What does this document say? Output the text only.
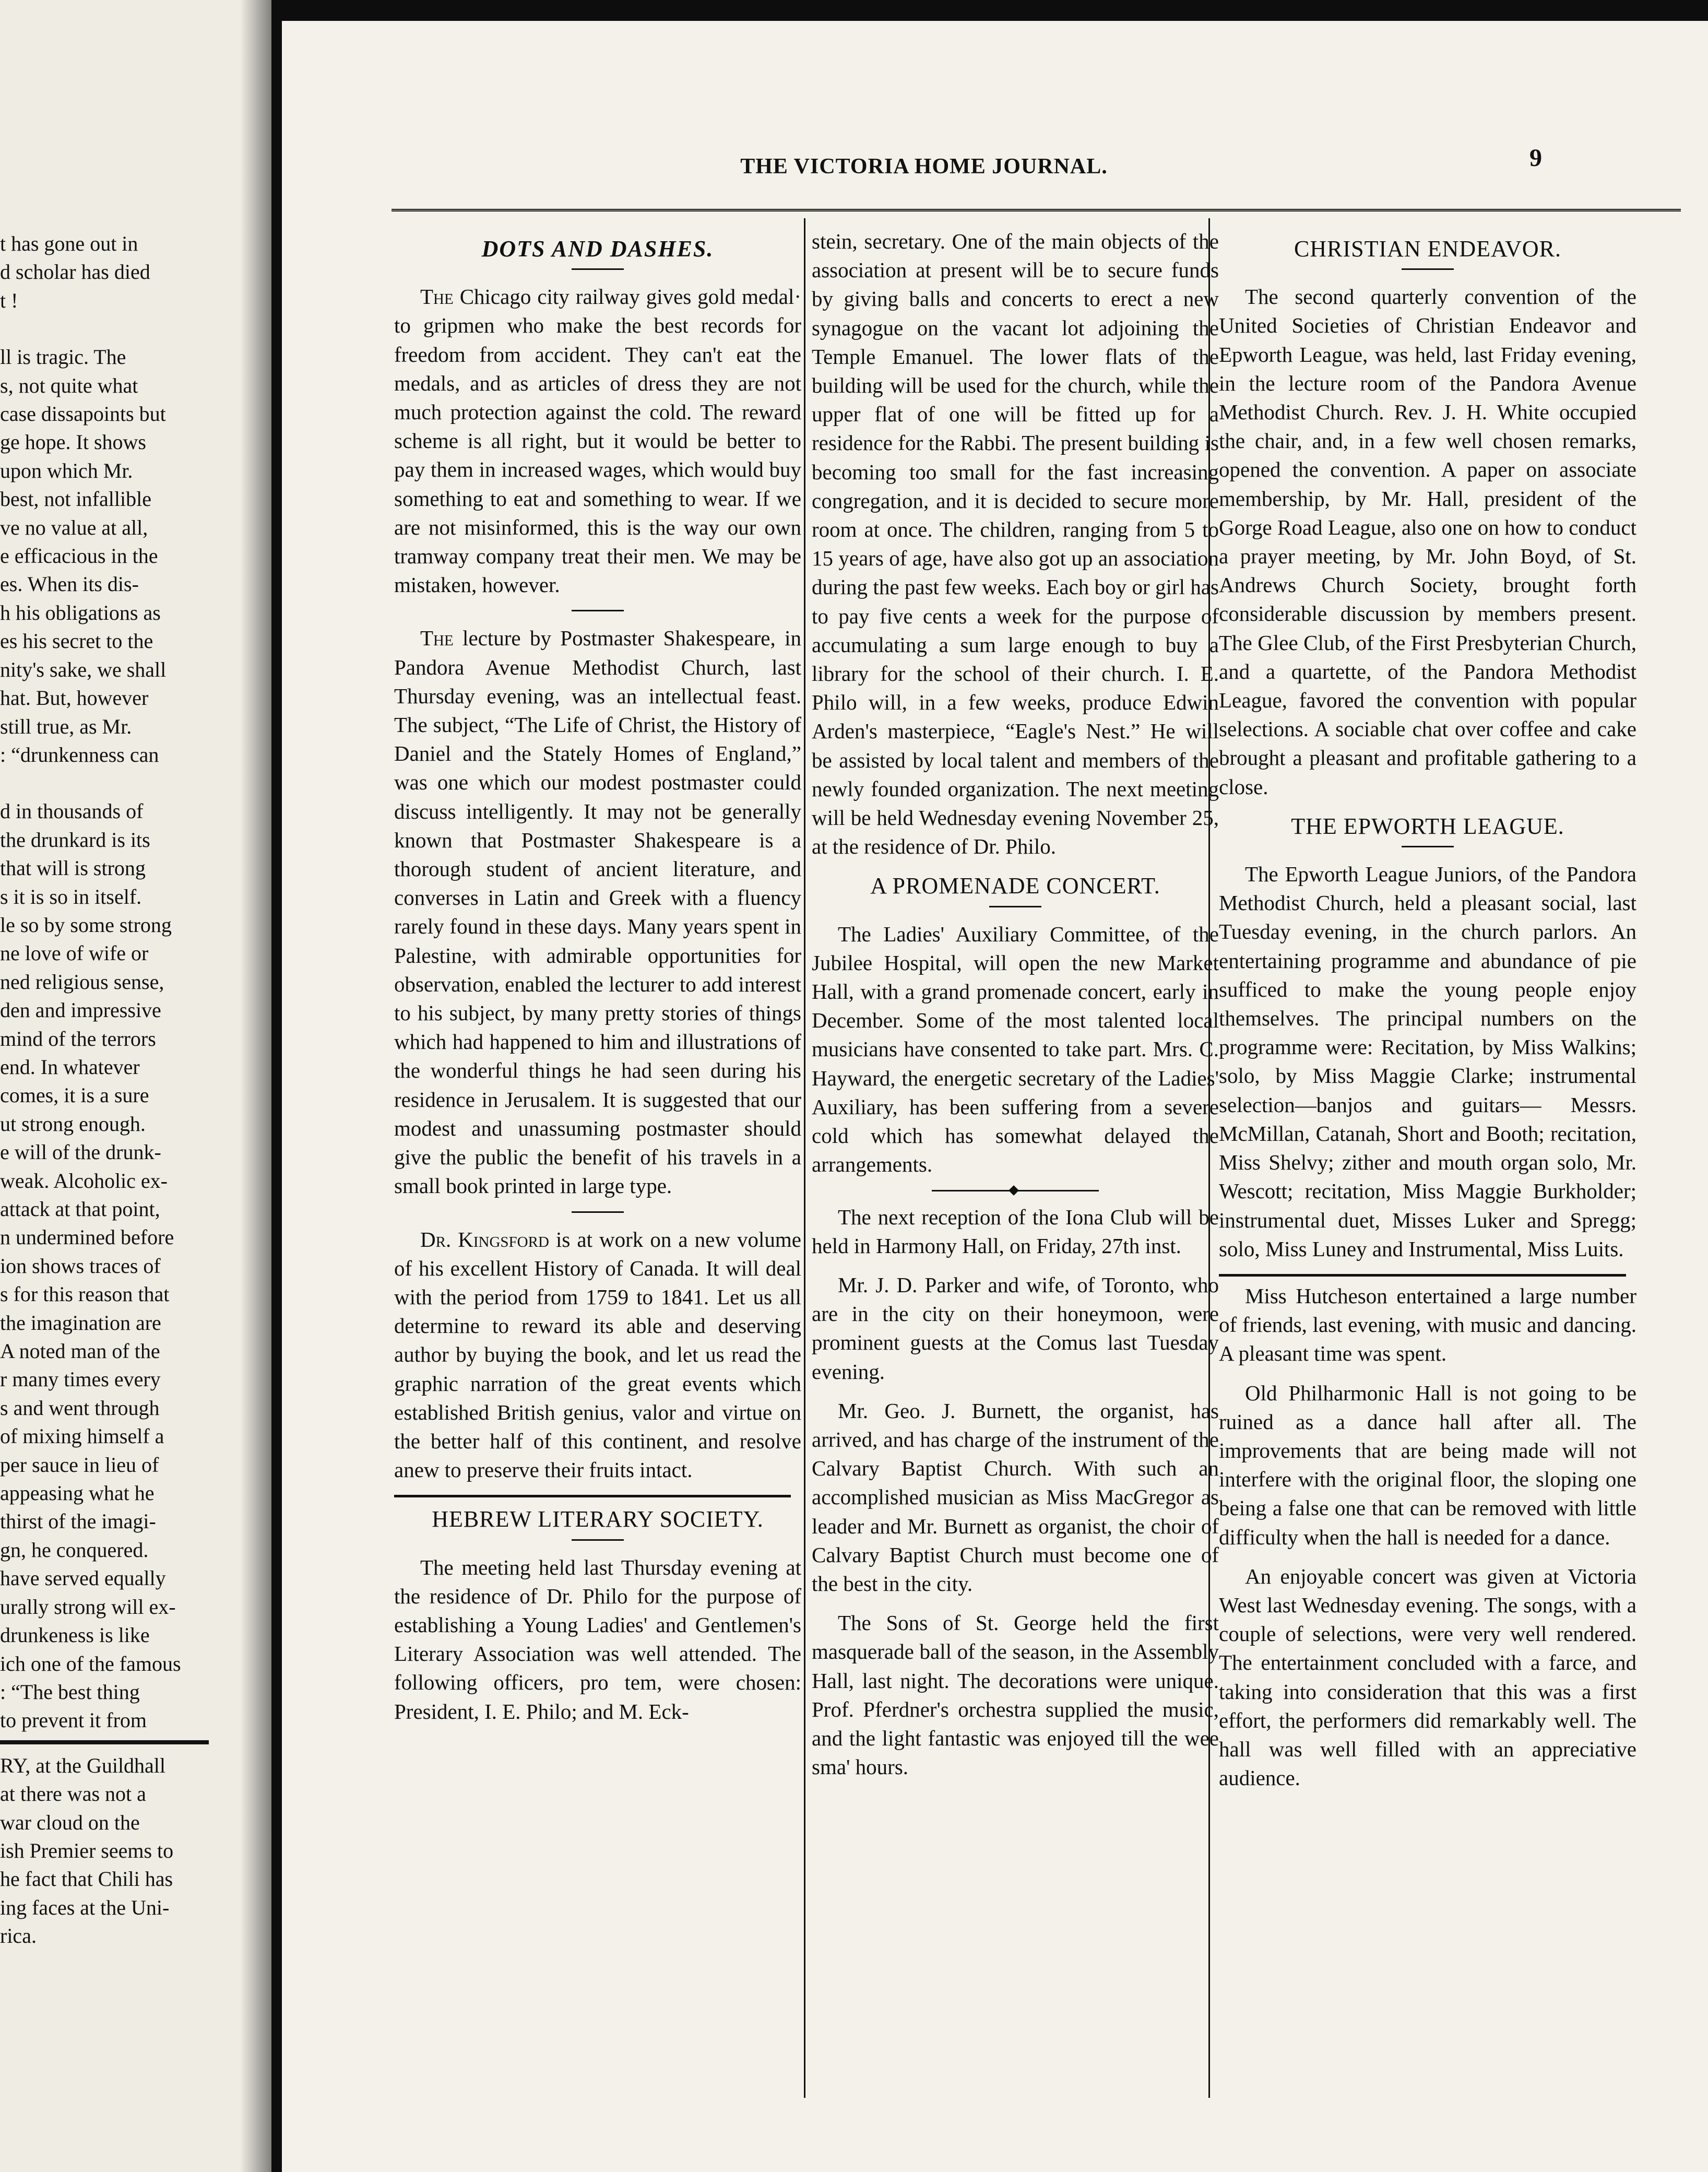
t has gone out in
d scholar has died
t !
ll is tragic. The
s, not quite what
case dissapoints but
ge hope. It shows
upon which Mr.
best, not infallible
ve no value at all,
e efficacious in the
es. When its dis-
h his obligations as
es his secret to the
nity's sake, we shall
hat. But, however
still true, as Mr.
: “drunkenness can
d in thousands of
the drunkard is its
that will is strong
s it is so in itself.
le so by some strong
ne love of wife or
ned religious sense,
den and impressive
mind of the terrors
end. In whatever
comes, it is a sure
ut strong enough.
e will of the drunk-
weak. Alcoholic ex-
attack at that point,
n undermined before
ion shows traces of
s for this reason that
the imagination are
A noted man of the
r many times every
s and went through
of mixing himself a
per sauce in lieu of
appeasing what he
thirst of the imagi-
gn, he conquered.
have served equally
urally strong will ex-
drunkeness is like
ich one of the famous
: “The best thing
to prevent it from
RY, at the Guildhall
at there was not a
war cloud on the
ish Premier seems to
he fact that Chili has
ing faces at the Uni-
rica.
THE VICTORIA HOME JOURNAL.	9
DOTS AND DASHES.

The Chicago city railway gives gold medal· to gripmen who make the best records for freedom from accident. They can't eat the medals, and as articles of dress they are not much protection against the cold. The reward scheme is all right, but it would be better to pay them in increased wages, which would buy something to eat and something to wear. If we are not misinformed, this is the way our own tramway company treat their men. We may be mistaken, however.

The lecture by Postmaster Shakespeare, in Pandora Avenue Methodist Church, last Thursday evening, was an intellectual feast. The subject, “The Life of Christ, the History of Daniel and the Stately Homes of England,” was one which our modest postmaster could discuss intelligently. It may not be generally known that Postmaster Shakespeare is a thorough student of ancient literature, and converses in Latin and Greek with a fluency rarely found in these days. Many years spent in Palestine, with admirable opportunities for observation, enabled the lecturer to add interest to his subject, by many pretty stories of things which had happened to him and illustrations of the wonderful things he had seen during his residence in Jerusalem. It is suggested that our modest and unassuming postmaster should give the public the benefit of his travels in a small book printed in large type.

Dr. Kingsford is at work on a new volume of his excellent History of Canada. It will deal with the period from 1759 to 1841. Let us all determine to reward its able and deserving author by buying the book, and let us read the graphic narration of the great events which established British genius, valor and virtue on the better half of this continent, and resolve anew to preserve their fruits intact.

HEBREW LITERARY SOCIETY.

The meeting held last Thursday evening at the residence of Dr. Philo for the purpose of establishing a Young Ladies' and Gentlemen's Literary Association was well attended. The following officers, pro tem, were chosen: President, I. E. Philo; and M. Eck-

stein, secretary. One of the main objects of the association at present will be to secure funds by giving balls and concerts to erect a new synagogue on the vacant lot adjoining the Temple Emanuel. The lower flats of the building will be used for the church, while the upper flat of one will be fitted up for a residence for the Rabbi. The present building is becoming too small for the fast increasing congregation, and it is decided to secure more room at once. The children, ranging from 5 to 15 years of age, have also got up an association during the past few weeks. Each boy or girl has to pay five cents a week for the purpose of accumulating a sum large enough to buy a library for the school of their church. I. E. Philo will, in a few weeks, produce Edwin Arden's masterpiece, “Eagle's Nest.” He will be assisted by local talent and members of the newly founded organization. The next meeting will be held Wednesday evening November 25, at the residence of Dr. Philo.

A PROMENADE CONCERT.

The Ladies' Auxiliary Committee, of the Jubilee Hospital, will open the new Market Hall, with a grand promenade concert, early in December. Some of the most talented local musicians have consented to take part. Mrs. C. Hayward, the energetic secretary of the Ladies' Auxiliary, has been suffering from a severe cold which has somewhat delayed the arrangements.

The next reception of the Iona Club will be held in Harmony Hall, on Friday, 27th inst.

Mr. J. D. Parker and wife, of Toronto, who are in the city on their honeymoon, were prominent guests at the Comus last Tuesday evening.

Mr. Geo. J. Burnett, the organist, has arrived, and has charge of the instrument of the Calvary Baptist Church. With such an accomplished musician as Miss MacGregor as leader and Mr. Burnett as organist, the choir of Calvary Baptist Church must become one of the best in the city.

The Sons of St. George held the first masquerade ball of the season, in the Assembly Hall, last night. The decorations were unique. Prof. Pferdner's orchestra supplied the music, and the light fantastic was enjoyed till the wee sma' hours.

CHRISTIAN ENDEAVOR.

The second quarterly convention of the United Societies of Christian Endeavor and Epworth League, was held, last Friday evening, in the lecture room of the Pandora Avenue Methodist Church. Rev. J. H. White occupied the chair, and, in a few well chosen remarks, opened the convention. A paper on associate membership, by Mr. Hall, president of the Gorge Road League, also one on how to conduct a prayer meeting, by Mr. John Boyd, of St. Andrews Church Society, brought forth considerable discussion by members present. The Glee Club, of the First Presbyterian Church, and a quartette, of the Pandora Methodist League, favored the convention with popular selections. A sociable chat over coffee and cake brought a pleasant and profitable gathering to a close.

THE EPWORTH LEAGUE.

The Epworth League Juniors, of the Pandora Methodist Church, held a pleasant social, last Tuesday evening, in the church parlors. An entertaining programme and abundance of pie sufficed to make the young people enjoy themselves. The principal numbers on the programme were: Recitation, by Miss Walkins; solo, by Miss Maggie Clarke; instrumental selection—banjos and guitars— Messrs. McMillan, Catanah, Short and Booth; recitation, Miss Shelvy; zither and mouth organ solo, Mr. Wescott; recitation, Miss Maggie Burkholder; instrumental duet, Misses Luker and Spregg; solo, Miss Luney and Instrumental, Miss Luits.

Miss Hutcheson entertained a large number of friends, last evening, with music and dancing. A pleasant time was spent.

Old Philharmonic Hall is not going to be ruined as a dance hall after all. The improvements that are being made will not interfere with the original floor, the sloping one being a false one that can be removed with little difficulty when the hall is needed for a dance.

An enjoyable concert was given at Victoria West last Wednesday evening. The songs, with a couple of selections, were very well rendered. The entertainment concluded with a farce, and taking into consideration that this was a first effort, the performers did remarkably well. The hall was well filled with an appreciative audience.
